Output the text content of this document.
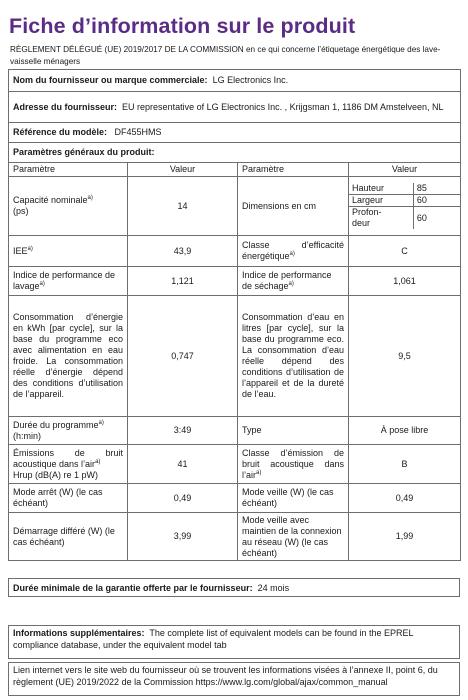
Fiche d’information sur le produit
RÈGLEMENT DÉLÉGUÉ (UE) 2019/2017 DE LA COMMISSION en ce qui concerne l’étiquetage énergétique des lave-vaisselle ménagers
Nom du fournisseur ou marque commerciale: LG Electronics Inc.
Adresse du fournisseur: EU representative of LG Electronics Inc. , Krijgsman 1, 1186 DM Amstelveen, NL
Référence du modèle: DF455HMS
Paramètres généraux du produit:
Paramètre	Valeur	Paramètre	Valeur
Capacité nominale$^{a)}$
(ps)	14	Dimensions en cm	
Hauteur	85
Largeur	60
Profon-
deur	60

IEE$^{a)}$	43,9	Classe d’efficacité énergétique$^{a)}$	C
Indice de performance de lavage$^{a)}$	1,121	Indice de performance de séchage$^{a)}$	1,061
Consommation d’énergie en kWh [par cycle], sur la base du programme eco avec alimentation en eau froide. La consommation réelle d’énergie dépend des conditions d’utilisation de l’appareil.	0,747	Consommation d’eau en litres [par cycle], sur la base du programme eco. La consommation d’eau réelle dépend des conditions d’utilisation de l’appareil et de la dureté de l’eau.	9,5
Durée du programme$^{a)}$
(h:min)	3:49	Type	À pose libre
Émissions de bruit acoustique dans l’air$^{a)}$
Hrup (dB(A) re 1 pW)	41	Classe d’émission de bruit acoustique dans l’air$^{a)}$	B
Mode arrêt (W) (le cas échéant)	0,49	Mode veille (W) (le cas échéant)	0,49
Démarrage différé (W) (le cas échéant)	3,99	Mode veille avec maintien de la connexion au réseau (W) (le cas échéant)	1,99
Durée minimale de la garantie offerte par le fournisseur: 24 mois
Informations supplémentaires: The complete list of equivalent models can be found in the EPREL compliance database, under the equivalent model tab
Lien internet vers le site web du fournisseur où se trouvent les informations visées à l’annexe II, point 6, du règlement (UE) 2019/2022 de la Commission https://www.lg.com/global/ajax/common_manual
